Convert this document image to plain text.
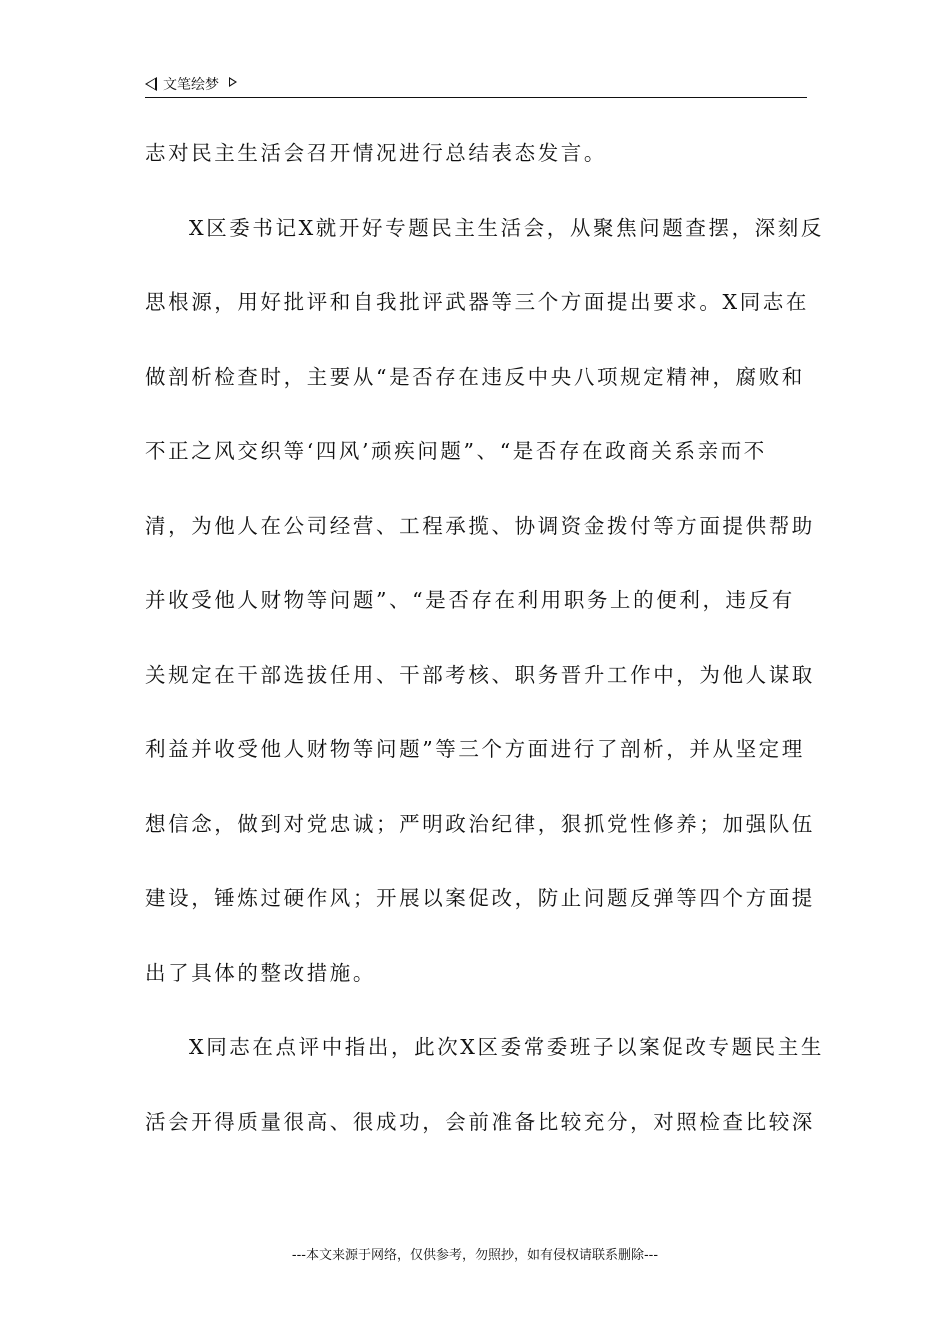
文笔绘梦
志对民主生活会召开情况进行总结表态发言。
X区委书记X就开好专题民主生活会，从聚焦问题查摆，深刻反
思根源，用好批评和自我批评武器等三个方面提出要求。X同志在
做剖析检查时，主要从“是否存在违反中央八项规定精神，腐败和
不正之风交织等‘四风’顽疾问题”、“是否存在政商关系亲而不
清，为他人在公司经营、工程承揽、协调资金拨付等方面提供帮助
并收受他人财物等问题”、“是否存在利用职务上的便利，违反有
关规定在干部选拔任用、干部考核、职务晋升工作中，为他人谋取
利益并收受他人财物等问题”等三个方面进行了剖析，并从坚定理
想信念，做到对党忠诚；严明政治纪律，狠抓党性修养；加强队伍
建设，锤炼过硬作风；开展以案促改，防止问题反弹等四个方面提
出了具体的整改措施。
X同志在点评中指出，此次X区委常委班子以案促改专题民主生
活会开得质量很高、很成功，会前准备比较充分，对照检查比较深
---本文来源于网络，仅供参考，勿照抄，如有侵权请联系删除---
